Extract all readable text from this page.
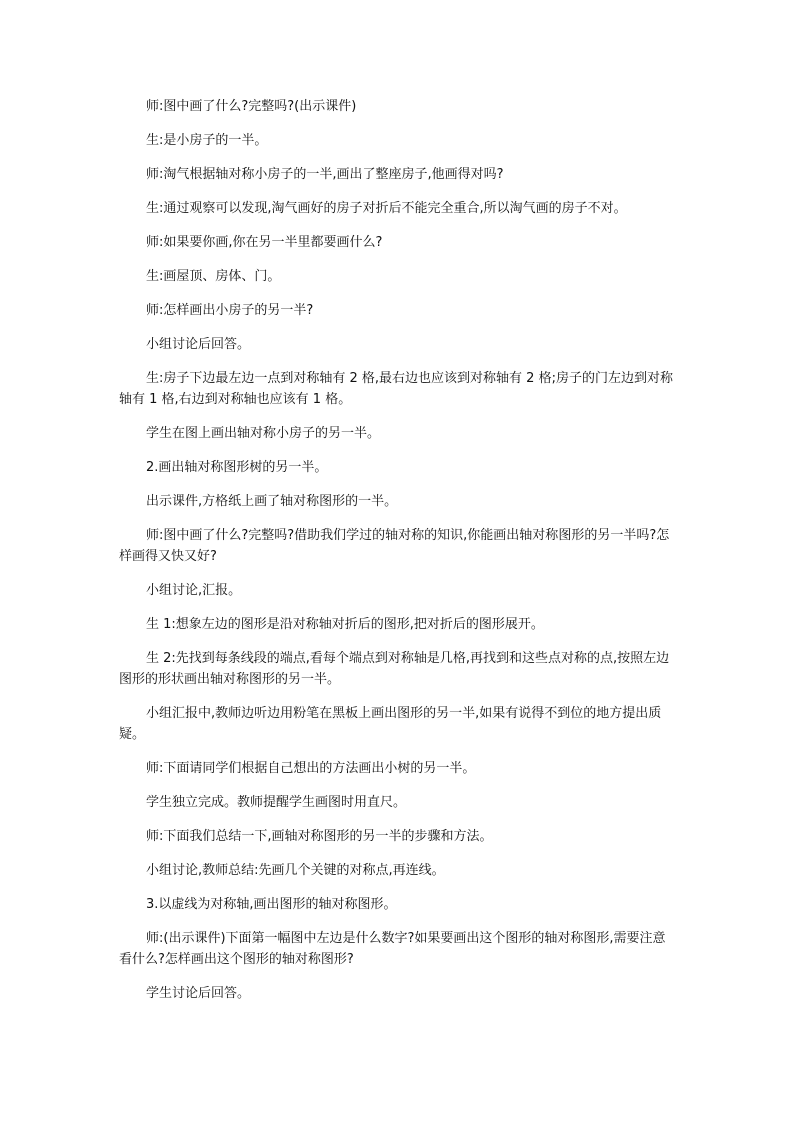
师:图中画了什么?完整吗?(出示课件)

生:是小房子的一半。

师:淘气根据轴对称小房子的一半,画出了整座房子,他画得对吗?

生:通过观察可以发现,淘气画好的房子对折后不能完全重合,所以淘气画的房子不对。

师:如果要你画,你在另一半里都要画什么?

生:画屋顶、房体、门。

师:怎样画出小房子的另一半?

小组讨论后回答。

生:房子下边最左边一点到对称轴有 2 格,最右边也应该到对称轴有 2 格;房子的门左边到对称轴有 1 格,右边到对称轴也应该有 1 格。

学生在图上画出轴对称小房子的另一半。

2.画出轴对称图形树的另一半。

出示课件,方格纸上画了轴对称图形的一半。

师:图中画了什么?完整吗?借助我们学过的轴对称的知识,你能画出轴对称图形的另一半吗?怎样画得又快又好?

小组讨论,汇报。

生 1:想象左边的图形是沿对称轴对折后的图形,把对折后的图形展开。

生 2:先找到每条线段的端点,看每个端点到对称轴是几格,再找到和这些点对称的点,按照左边图形的形状画出轴对称图形的另一半。

小组汇报中,教师边听边用粉笔在黑板上画出图形的另一半,如果有说得不到位的地方提出质疑。

师:下面请同学们根据自己想出的方法画出小树的另一半。

学生独立完成。教师提醒学生画图时用直尺。

师:下面我们总结一下,画轴对称图形的另一半的步骤和方法。

小组讨论,教师总结:先画几个关键的对称点,再连线。

3.以虚线为对称轴,画出图形的轴对称图形。

师:(出示课件)下面第一幅图中左边是什么数字?如果要画出这个图形的轴对称图形,需要注意看什么?怎样画出这个图形的轴对称图形?

学生讨论后回答。
